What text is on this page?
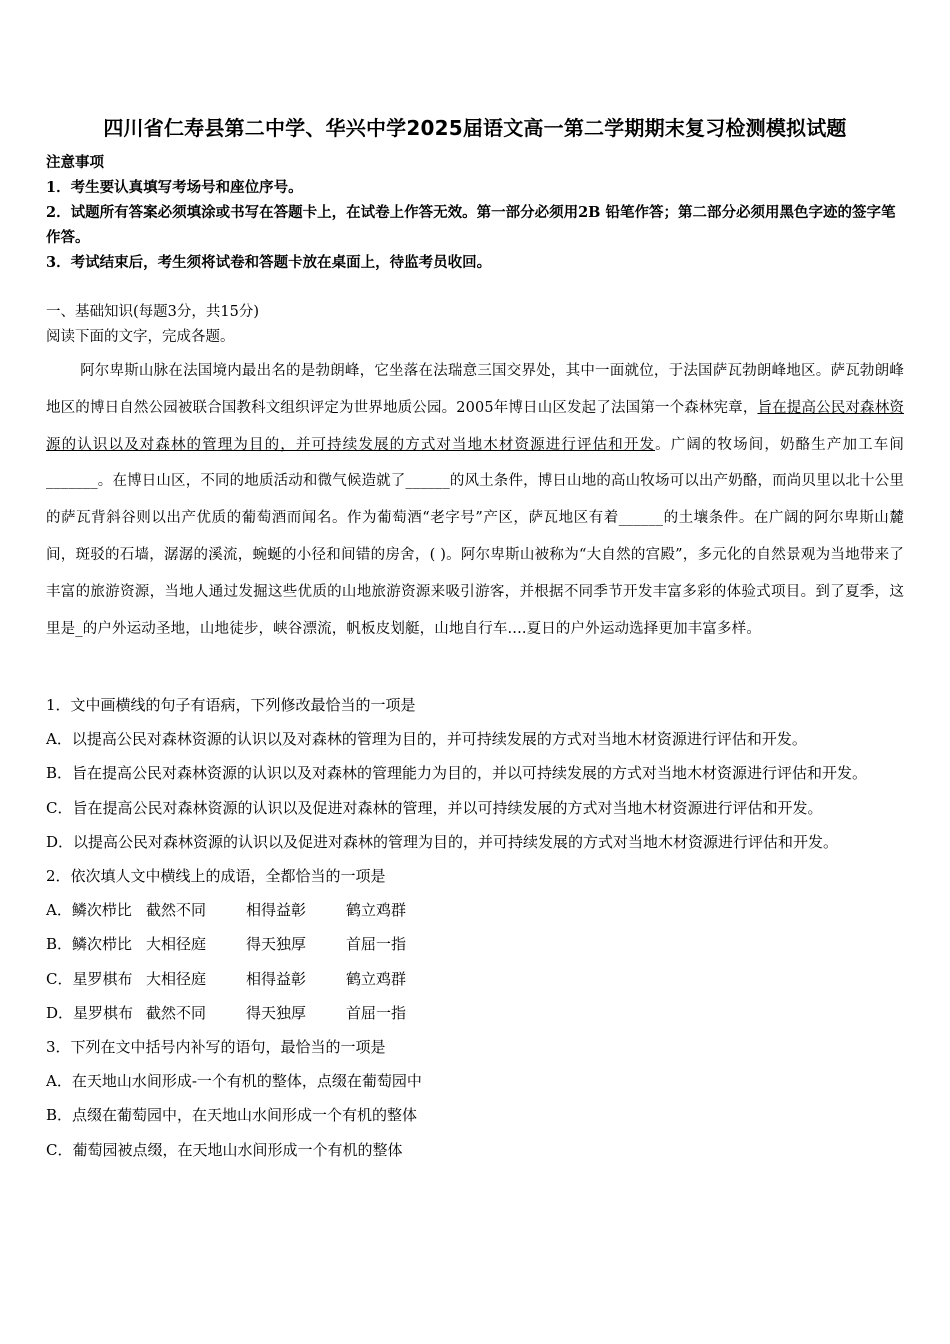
四川省仁寿县第二中学、华兴中学2025届语文高一第二学期期末复习检测模拟试题
注意事项
1．考生要认真填写考场号和座位序号。
2．试题所有答案必须填涂或书写在答题卡上，在试卷上作答无效。第一部分必须用2B 铅笔作答；第二部分必须用黑色字迹的签字笔作答。
3．考试结束后，考生须将试卷和答题卡放在桌面上，待监考员收回。
一、基础知识(每题3分，共15分)
阅读下面的文字，完成各题。
阿尔卑斯山脉在法国境内最出名的是勃朗峰，它坐落在法瑞意三国交界处，其中一面就位，于法国萨瓦勃朗峰地区。萨瓦勃朗峰地区的博日自然公园被联合国教科文组织评定为世界地质公园。2005年博日山区发起了法国第一个森林宪章，旨在提高公民对森林资源的认识以及对森林的管理为目的，并可持续发展的方式对当地木材资源进行评估和开发。广阔的牧场间，奶酪生产加工车间_______。在博日山区，不同的地质活动和微气候造就了______的风土条件，博日山地的高山牧场可以出产奶酪，而尚贝里以北十公里的萨瓦背斜谷则以出产优质的葡萄酒而闻名。作为葡萄酒“老字号”产区，萨瓦地区有着______的土壤条件。在广阔的阿尔卑斯山麓间，斑驳的石墙，潺潺的溪流，蜿蜒的小径和间错的房舍，( )。阿尔卑斯山被称为“大自然的宫殿”，多元化的自然景观为当地带来了丰富的旅游资源，当地人通过发掘这些优质的山地旅游资源来吸引游客，并根据不同季节开发丰富多彩的体验式项目。到了夏季，这里是_的户外运动圣地，山地徒步，峡谷漂流，帆板皮划艇，山地自行车....夏日的户外运动选择更加丰富多样。
1．文中画横线的句子有语病，下列修改最恰当的一项是
A．以提高公民对森林资源的认识以及对森林的管理为目的，并可持续发展的方式对当地木材资源进行评估和开发。
B．旨在提高公民对森林资源的认识以及对森林的管理能力为目的，并以可持续发展的方式对当地木材资源进行评估和开发。
C．旨在提高公民对森林资源的认识以及促进对森林的管理，并以可持续发展的方式对当地木材资源进行评估和开发。
D．以提高公民对森林资源的认识以及促进对森林的管理为目的，并可持续发展的方式对当地木材资源进行评估和开发。
2．依次填人文中横线上的成语，全都恰当的一项是
A．鳞次栉比 截然不同	相得益彰	鹤立鸡群
B．鳞次栉比 大相径庭	得天独厚	首屈一指
C．星罗棋布 大相径庭	相得益彰	鹤立鸡群
D．星罗棋布 截然不同	得天独厚	首屈一指
3．下列在文中括号内补写的语句，最恰当的一项是
A．在天地山水间形成-一个有机的整体，点缀在葡萄园中
B．点缀在葡萄园中，在天地山水间形成一个有机的整体
C．葡萄园被点缀，在天地山水间形成一个有机的整体
